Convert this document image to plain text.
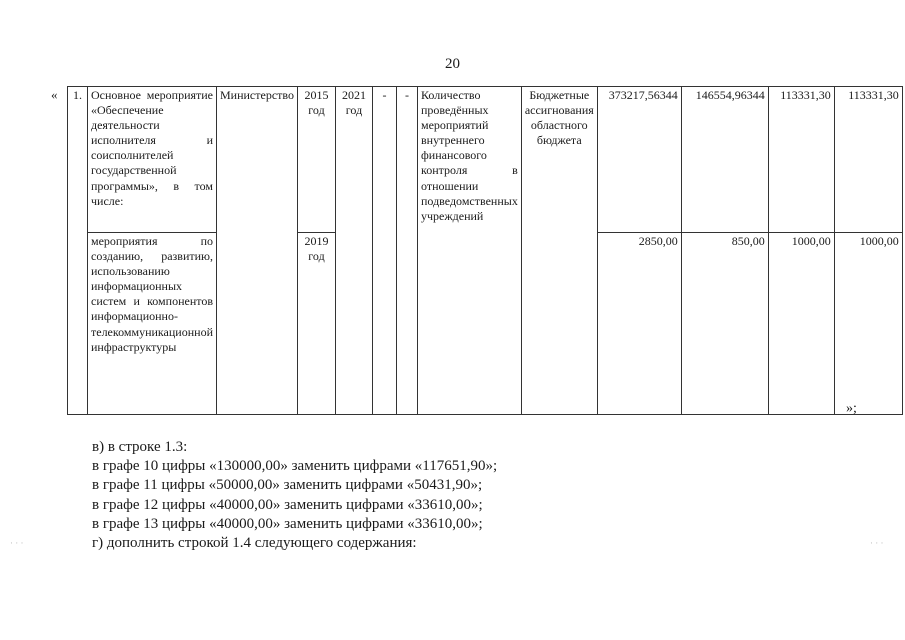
20
« 1.	Основное мероприятие «Обеспечение деятельности исполнителя и соисполнителей государственной программы», в том числе:	Министерство	2015 год	2021 год	-	-	Количество проведённых мероприятий внутреннего финансового контроля в отношении подведомственных учреждений	Бюджетные ассигнования областного бюджета	373217,56344	146554,96344	113331,30	113331,30
	мероприятия по созданию, развитию, использованию информационных систем и компонентов информационно-телекоммуникационной инфраструктуры		2019 год						2850,00	850,00	1000,00	1000,00
»;
в) в строке 1.3:
в графе 10 цифры «130000,00» заменить цифрами «117651,90»;
в графе 11 цифры «50000,00» заменить цифрами «50431,90»;
в графе 12 цифры «40000,00» заменить цифрами «33610,00»;
в графе 13 цифры «40000,00» заменить цифрами «33610,00»;
г) дополнить строкой 1.4 следующего содержания:
· · ·	· · ·
